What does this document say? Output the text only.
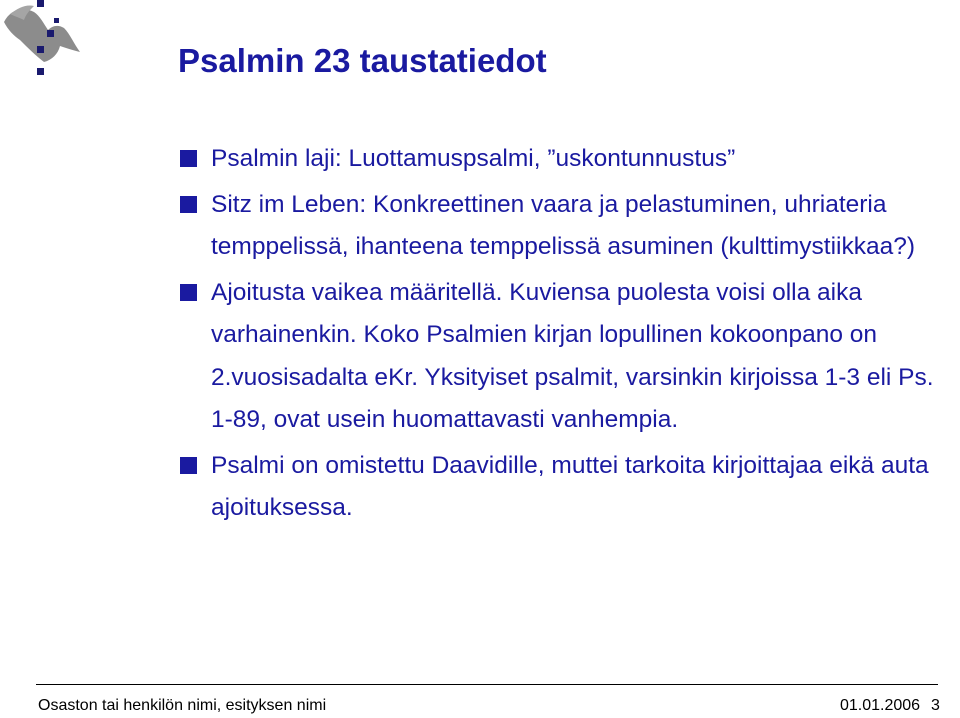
Psalmin 23 taustatiedot
Psalmin laji: Luottamuspsalmi, ”uskontunnustus”
Sitz im Leben: Konkreettinen vaara ja pelastuminen, uhriateria temppelissä, ihanteena temppelissä asuminen (kulttimystiikkaa?)
Ajoitusta vaikea määritellä. Kuviensa puolesta voisi olla aika varhainenkin. Koko Psalmien kirjan lopullinen kokoonpano on 2.vuosisadalta eKr. Yksityiset psalmit, varsinkin kirjoissa 1-3 eli Ps. 1-89, ovat usein huomattavasti vanhempia.
Psalmi on omistettu Daavidille, muttei tarkoita kirjoittajaa eikä auta ajoituksessa.
Osaston tai henkilön nimi, esityksen nimi	01.01.2006 3
